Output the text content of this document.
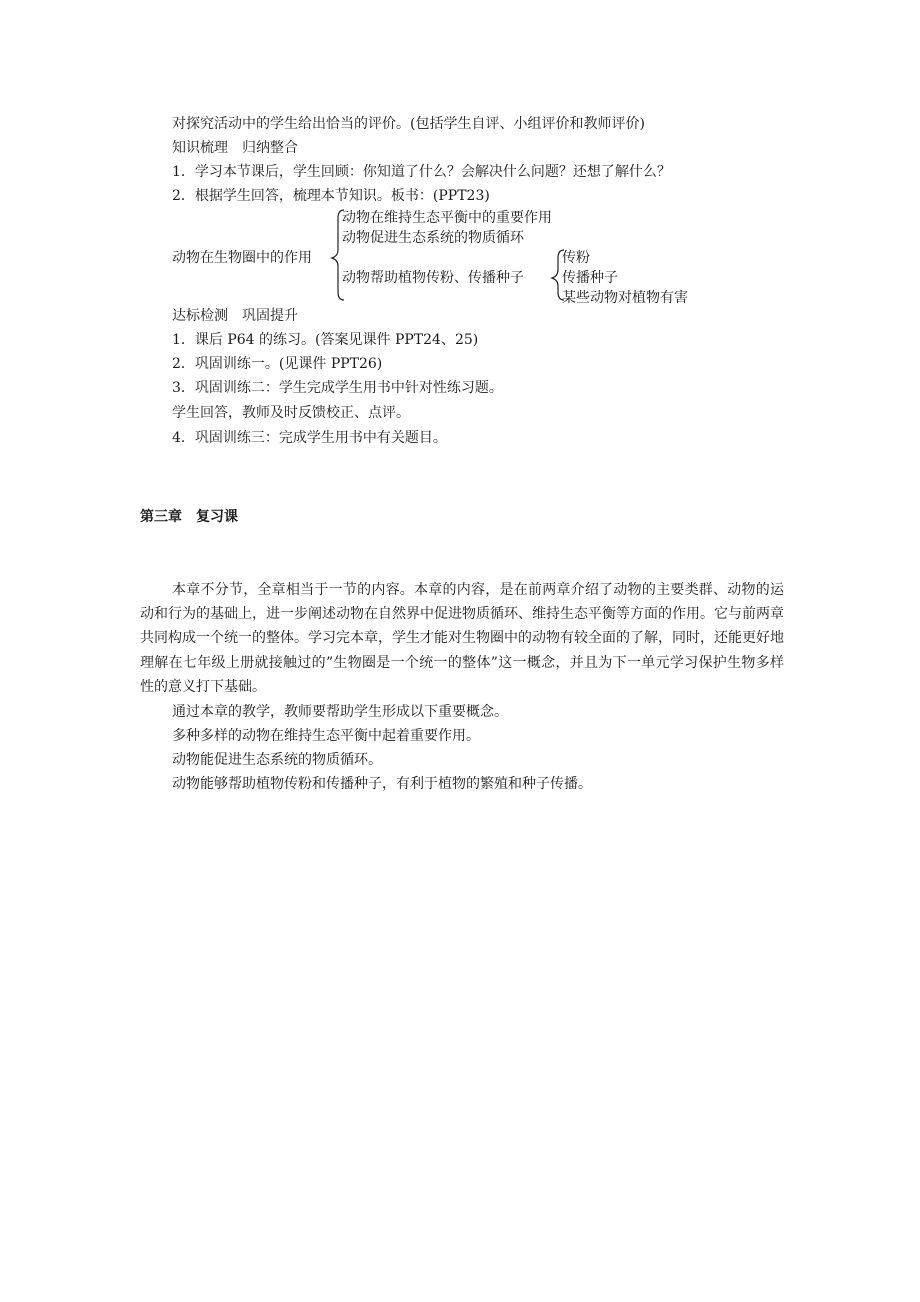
对探究活动中的学生给出恰当的评价。(包括学生自评、小组评价和教师评价)
知识梳理　归纳整合
1．学习本节课后，学生回顾：你知道了什么？会解决什么问题？还想了解什么？
2．根据学生回答，梳理本节知识。板书：(PPT23)
动物在生物圈中的作用
动物在维持生态平衡中的重要作用
动物促进生态系统的物质循环
动物帮助植物传粉、传播种子
传粉
传播种子
某些动物对植物有害
达标检测　巩固提升
1．课后 P64 的练习。(答案见课件 PPT24、25)
2．巩固训练一。(见课件 PPT26)
3．巩固训练二：学生完成学生用书中针对性练习题。
学生回答，教师及时反馈校正、点评。
4．巩固训练三：完成学生用书中有关题目。
第三章　复习课

本章不分节，全章相当于一节的内容。本章的内容，是在前两章介绍了动物的主要类群、动物的运动和行为的基础上，进一步阐述动物在自然界中促进物质循环、维持生态平衡等方面的作用。它与前两章共同构成一个统一的整体。学习完本章，学生才能对生物圈中的动物有较全面的了解，同时，还能更好地理解在七年级上册就接触过的”生物圈是一个统一的整体”这一概念，并且为下一单元学习保护生物多样性的意义打下基础。

通过本章的教学，教师要帮助学生形成以下重要概念。
多种多样的动物在维持生态平衡中起着重要作用。
动物能促进生态系统的物质循环。
动物能够帮助植物传粉和传播种子，有利于植物的繁殖和种子传播。
